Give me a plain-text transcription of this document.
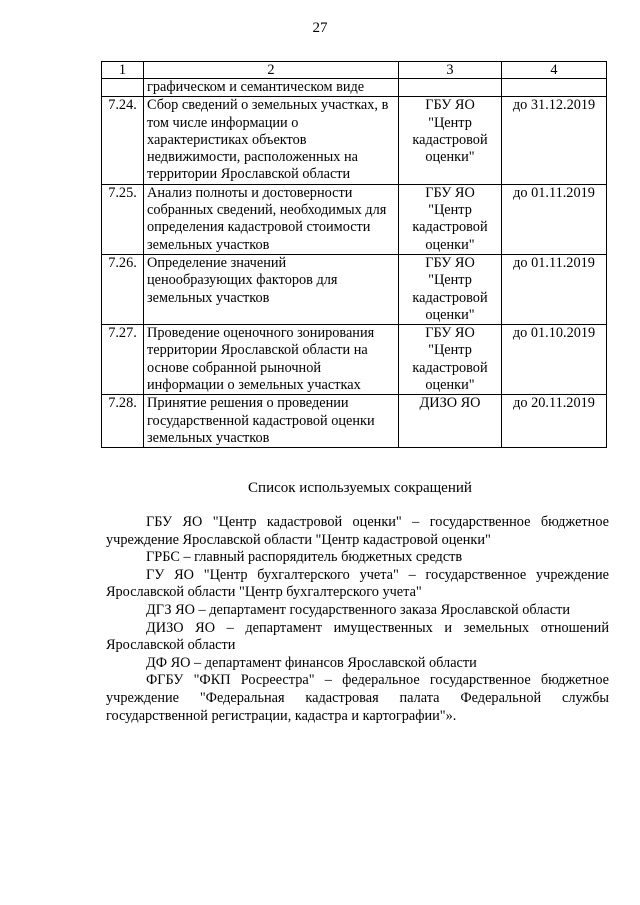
27
1	2	3	4
	графическом и семантическом виде		
7.24.	Сбор сведений о земельных участках, в том числе информации о характеристиках объектов недвижимости, расположенных на территории Ярославской области	ГБУ ЯО "Центр кадастровой оценки"	до 31.12.2019
7.25.	Анализ полноты и достоверности собранных сведений, необходимых для определения кадастровой стоимости земельных участков	ГБУ ЯО "Центр кадастровой оценки"	до 01.11.2019
7.26.	Определение значений ценообразующих факторов для земельных участков	ГБУ ЯО "Центр кадастровой оценки"	до 01.11.2019
7.27.	Проведение оценочного зонирования территории Ярославской области на основе собранной рыночной информации о земельных участках	ГБУ ЯО "Центр кадастровой оценки"	до 01.10.2019
7.28.	Принятие решения о проведении государственной кадастровой оценки земельных участков	ДИЗО ЯО	до 20.11.2019
Список используемых сокращений

ГБУ ЯО "Центр кадастровой оценки" – государственное бюджетное учреждение Ярославской области "Центр кадастровой оценки"

ГРБС – главный распорядитель бюджетных средств

ГУ ЯО "Центр бухгалтерского учета" – государственное учреждение Ярославской области "Центр бухгалтерского учета"

ДГЗ ЯО – департамент государственного заказа Ярославской области

ДИЗО ЯО – департамент имущественных и земельных отношений Ярославской области

ДФ ЯО – департамент финансов Ярославской области

ФГБУ "ФКП Росреестра" – федеральное государственное бюджетное учреждение "Федеральная кадастровая палата Федеральной службы государственной регистрации, кадастра и картографии"».
